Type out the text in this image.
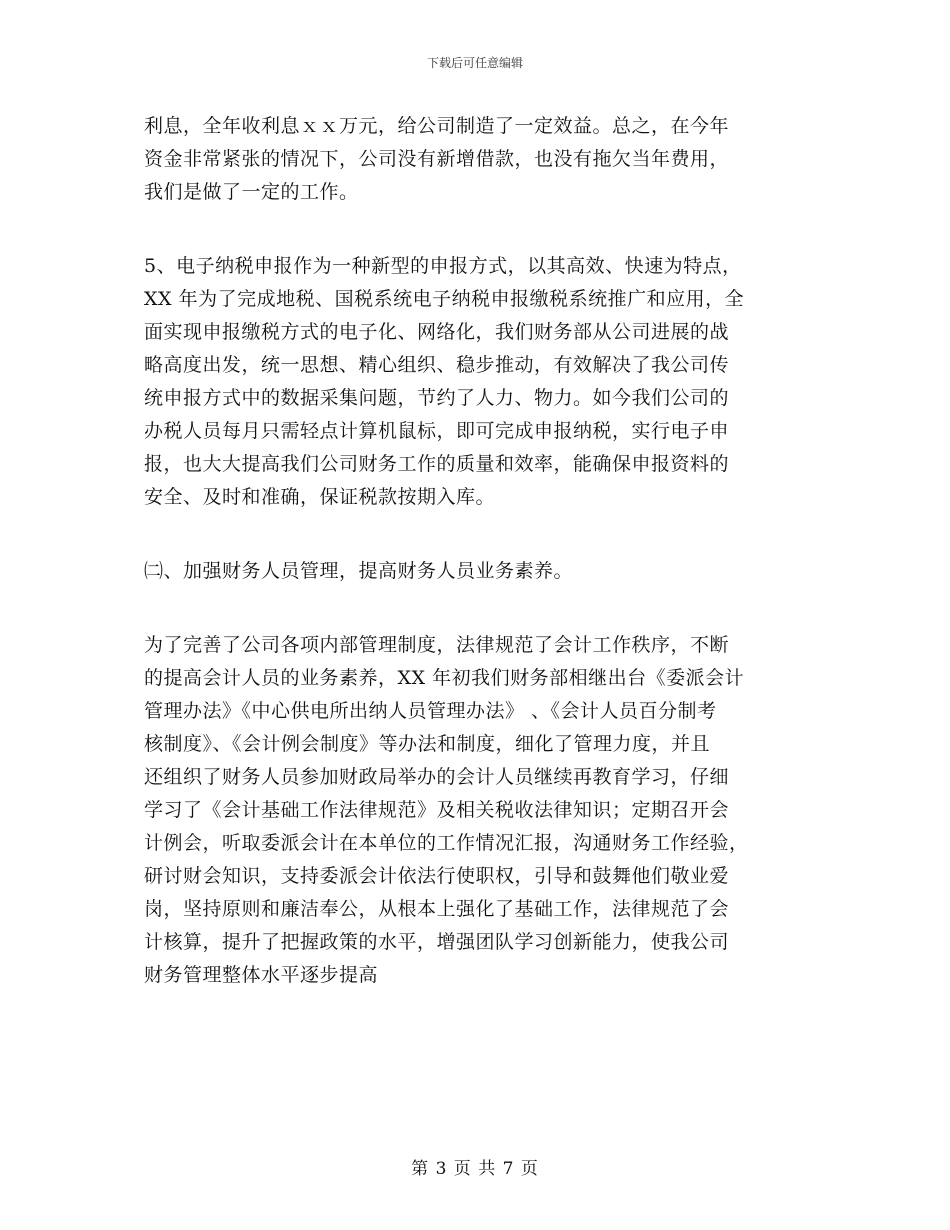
下载后可任意编辑
利息，全年收利息ｘｘ万元，给公司制造了一定效益。总之，在今年
资金非常紧张的情况下，公司没有新增借款，也没有拖欠当年费用，
我们是做了一定的工作。
5、电子纳税申报作为一种新型的申报方式，以其高效、快速为特点，
XX 年为了完成地税、国税系统电子纳税申报缴税系统推广和应用，全
面实现申报缴税方式的电子化、网络化，我们财务部从公司进展的战
略高度出发，统一思想、精心组织、稳步推动，有效解决了我公司传
统申报方式中的数据采集问题，节约了人力、物力。如今我们公司的
办税人员每月只需轻点计算机鼠标，即可完成申报纳税，实行电子申
报，也大大提高我们公司财务工作的质量和效率，能确保申报资料的
安全、及时和准确，保证税款按期入库。
㈡、加强财务人员管理，提高财务人员业务素养。
为了完善了公司各项内部管理制度，法律规范了会计工作秩序，不断
的提高会计人员的业务素养，XX 年初我们财务部相继出台《委派会计
管理办法》《中心供电所出纳人员管理办法》 、《会计人员百分制考
核制度》、《会计例会制度》等办法和制度，细化了管理力度，并且
还组织了财务人员参加财政局举办的会计人员继续再教育学习，仔细
学习了《会计基础工作法律规范》及相关税收法律知识；定期召开会
计例会，听取委派会计在本单位的工作情况汇报，沟通财务工作经验，
研讨财会知识，支持委派会计依法行使职权，引导和鼓舞他们敬业爱
岗，坚持原则和廉洁奉公，从根本上强化了基础工作，法律规范了会
计核算，提升了把握政策的水平，增强团队学习创新能力，使我公司
财务管理整体水平逐步提高
第 3 页 共 7 页
